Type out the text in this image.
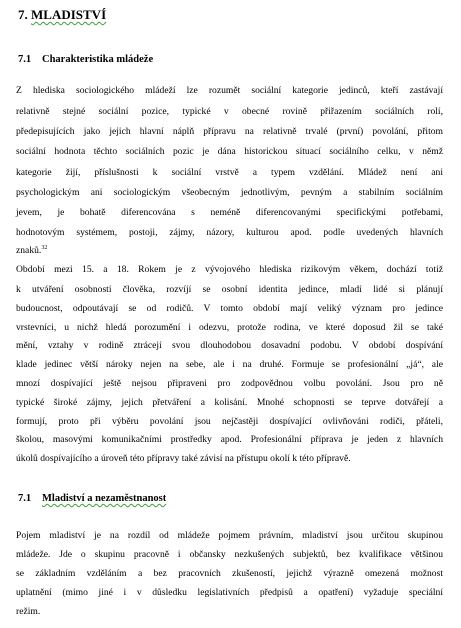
7. MLADISTVÍ
7.1 Charakteristika mládeže
Z hlediska sociologického mládeží lze rozumět sociální kategorie jedinců, kteří zastávají
relativně stejné sociální pozice, typické v obecné rovině přiřazením sociálních rolí,
předepisujících jako jejich hlavní náplň přípravu na relativně trvalé (první) povolání, přitom
sociální hodnota těchto sociálních pozic je dána historickou situací sociálního celku, v němž
kategorie žijí, příslušnosti k sociální vrstvě a typem vzdělání. Mládež není ani
psychologickým ani sociologickým všeobecným jednotlivým, pevným a stabilním sociálním
jevem, je bohatě diferencována s neméně diferencovanými specifickými potřebami,
hodnotovým systémem, postoji, zájmy, názory, kulturou apod. podle uvedených hlavních
znaků.$^{32}$
Období mezi 15. a 18. Rokem je z vývojového hlediska rizikovým věkem, dochází totiž
k utváření osobnosti člověka, rozvíjí se osobní identita jedince, mladí lidé si plánují
budoucnost, odpoutávají se od rodičů. V tomto období mají veliký význam pro jedince
vrstevníci, u nichž hledá porozumění i odezvu, protože rodina, ve které doposud žil se také
mění, vztahy v rodině ztrácejí svou dlouhodobou dosavadní podobu. V období dospívání
klade jedinec větší nároky nejen na sebe, ale i na druhé. Formuje se profesionální „já“, ale
mnozí dospívající ještě nejsou připraveni pro zodpovědnou volbu povolání. Jsou pro ně
typické široké zájmy, jejich přetváření a kolisání. Mnohé schopnosti se teprve dotvářejí a
formují, proto při výběru povolání jsou nejčastěji dospívající ovlivňováni rodiči, přáteli,
školou, masovými komunikačními prostředky apod. Profesionální příprava je jeden z hlavních
úkolů dospívajícího a úroveň této přípravy také závisí na přístupu okolí k této přípravě.
7.1 Mladiství a nezaměstnanost
Pojem mladiství je na rozdíl od mládeže pojmem právním, mladiství jsou určitou skupinou
mládeže. Jde o skupinu pracovně i občansky nezkušených subjektů, bez kvalifikace většinou
se základním vzděláním a bez pracovních zkušeností, jejichž výrazně omezená možnost
uplatnění (mimo jiné i v důsledku legislativních předpisů a opatření) vyžaduje speciální
režim.
